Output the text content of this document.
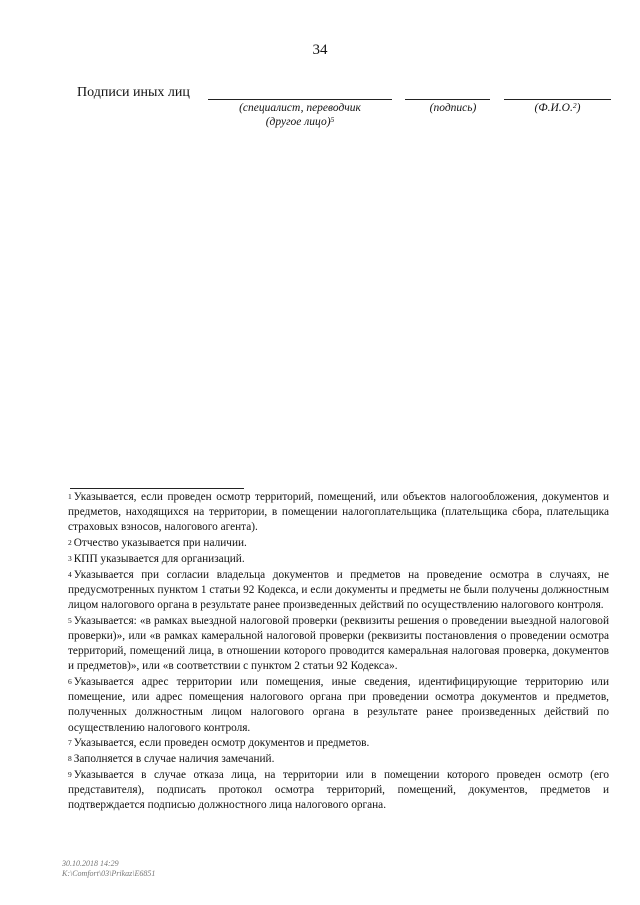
34
Подписи иных лиц
(специалист, переводчик
(другое лицо)$^5$
(подпись)	(Ф.И.О.$^2$)

$^1$ Указывается, если проведен осмотр территорий, помещений, или объектов налогообложения, документов и предметов, находящихся на территории, в помещении налогоплательщика (плательщика сбора, плательщика страховых взносов, налогового агента).

$^2$ Отчество указывается при наличии.

$^3$ КПП указывается для организаций.

$^4$ Указывается при согласии владельца документов и предметов на проведение осмотра в случаях, не предусмотренных пунктом 1 статьи 92 Кодекса, и если документы и предметы не были получены должностным лицом налогового органа в результате ранее произведенных действий по осуществлению налогового контроля.

$^5$ Указывается: «в рамках выездной налоговой проверки (реквизиты решения о проведении выездной налоговой проверки)», или «в рамках камеральной налоговой проверки (реквизиты постановления о проведении осмотра территорий, помещений лица, в отношении которого проводится камеральная налоговая проверка, документов и предметов)», или «в соответствии с пунктом 2 статьи 92 Кодекса».

$^6$ Указывается адрес территории или помещения, иные сведения, идентифицирующие территорию или помещение, или адрес помещения налогового органа при проведении осмотра документов и предметов, полученных должностным лицом налогового органа в результате ранее произведенных действий по осуществлению налогового контроля.

$^7$ Указывается, если проведен осмотр документов и предметов.

$^8$ Заполняется в случае наличия замечаний.

$^9$ Указывается в случае отказа лица, на территории или в помещении которого проведен осмотр (его представителя), подписать протокол осмотра территорий, помещений, документов, предметов и подтверждается подписью должностного лица налогового органа.

30.10.2018 14:29
K:\Comfort\03\Prikaz\E6851
